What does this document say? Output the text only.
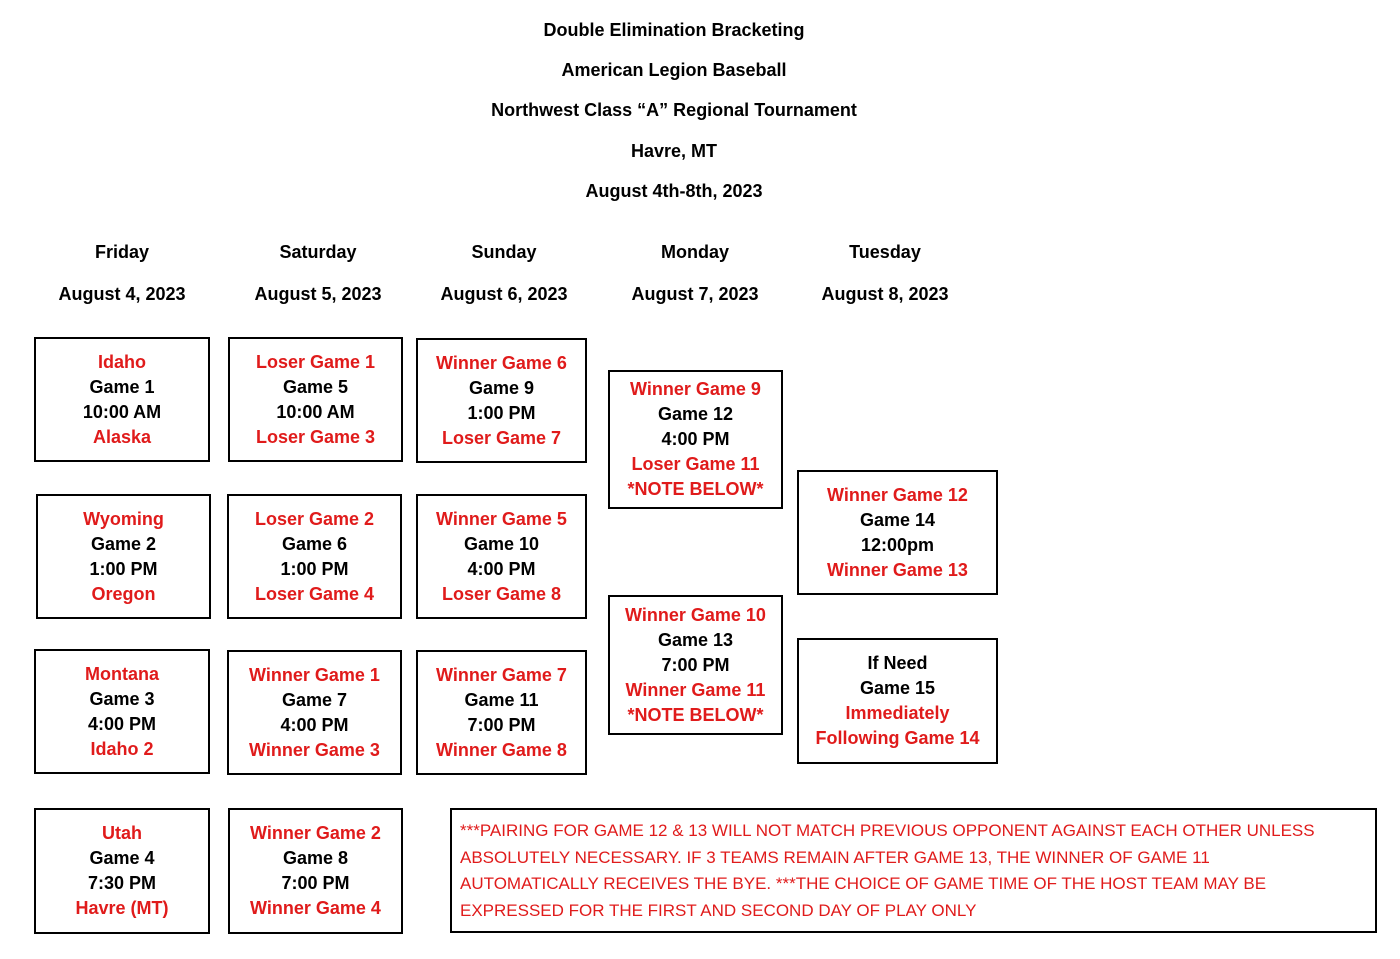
Double Elimination Bracketing
American Legion Baseball
Northwest Class “A” Regional Tournament
Havre, MT
August 4th-8th, 2023
Friday
August 4, 2023
Saturday
August 5, 2023
Sunday
August 6, 2023
Monday
August 7, 2023
Tuesday
August 8, 2023
Idaho
Game 1
10:00 AM
Alaska
Wyoming
Game 2
1:00 PM
Oregon
Montana
Game 3
4:00 PM
Idaho 2
Utah
Game 4
7:30 PM
Havre (MT)
Loser Game 1
Game 5
10:00 AM
Loser Game 3
Loser Game 2
Game 6
1:00 PM
Loser Game 4
Winner Game 1
Game 7
4:00 PM
Winner Game 3
Winner Game 2
Game 8
7:00 PM
Winner Game 4
Winner Game 6
Game 9
1:00 PM
Loser Game 7
Winner Game 5
Game 10
4:00 PM
Loser Game 8
Winner Game 7
Game 11
7:00 PM
Winner Game 8
Winner Game 9
Game 12
4:00 PM
Loser Game 11
*NOTE BELOW*
Winner Game 10
Game 13
7:00 PM
Winner Game 11
*NOTE BELOW*
Winner Game 12
Game 14
12:00pm
Winner Game 13
If Need
Game 15
Immediately
Following Game 14
***PAIRING FOR GAME 12 & 13 WILL NOT MATCH PREVIOUS OPPONENT AGAINST EACH OTHER UNLESS
ABSOLUTELY NECESSARY. IF 3 TEAMS REMAIN AFTER GAME 13, THE WINNER OF GAME 11
AUTOMATICALLY RECEIVES THE BYE. ***THE CHOICE OF GAME TIME OF THE HOST TEAM MAY BE
EXPRESSED FOR THE FIRST AND SECOND DAY OF PLAY ONLY
